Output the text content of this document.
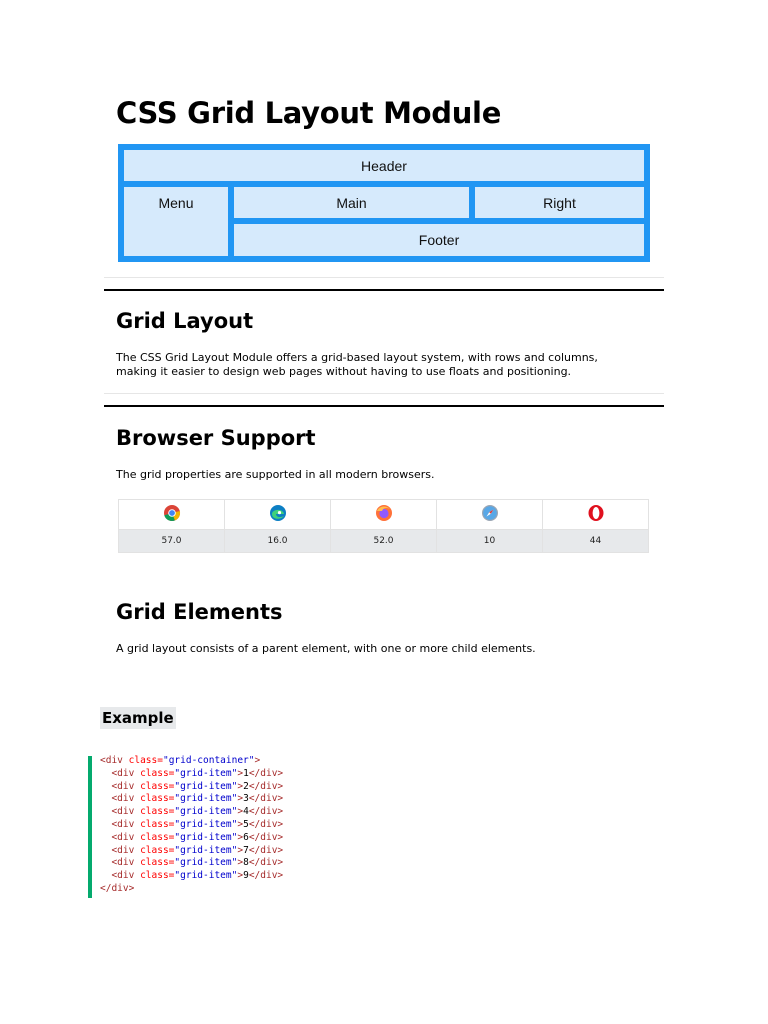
CSS Grid Layout Module
Header
Menu	Main	Right
Footer
Grid Layout

The CSS Grid Layout Module offers a grid-based layout system, with rows and columns,
making it easier to design web pages without having to use floats and positioning.

Browser Support

The grid properties are supported in all modern browsers.

57.0	16.0	52.0	10	44
Grid Elements

A grid layout consists of a parent element, with one or more child elements.

Example
<div class="grid-container">
<div class="grid-item">1</div>
<div class="grid-item">2</div>
<div class="grid-item">3</div>
<div class="grid-item">4</div>
<div class="grid-item">5</div>
<div class="grid-item">6</div>
<div class="grid-item">7</div>
<div class="grid-item">8</div>
<div class="grid-item">9</div>
</div>
